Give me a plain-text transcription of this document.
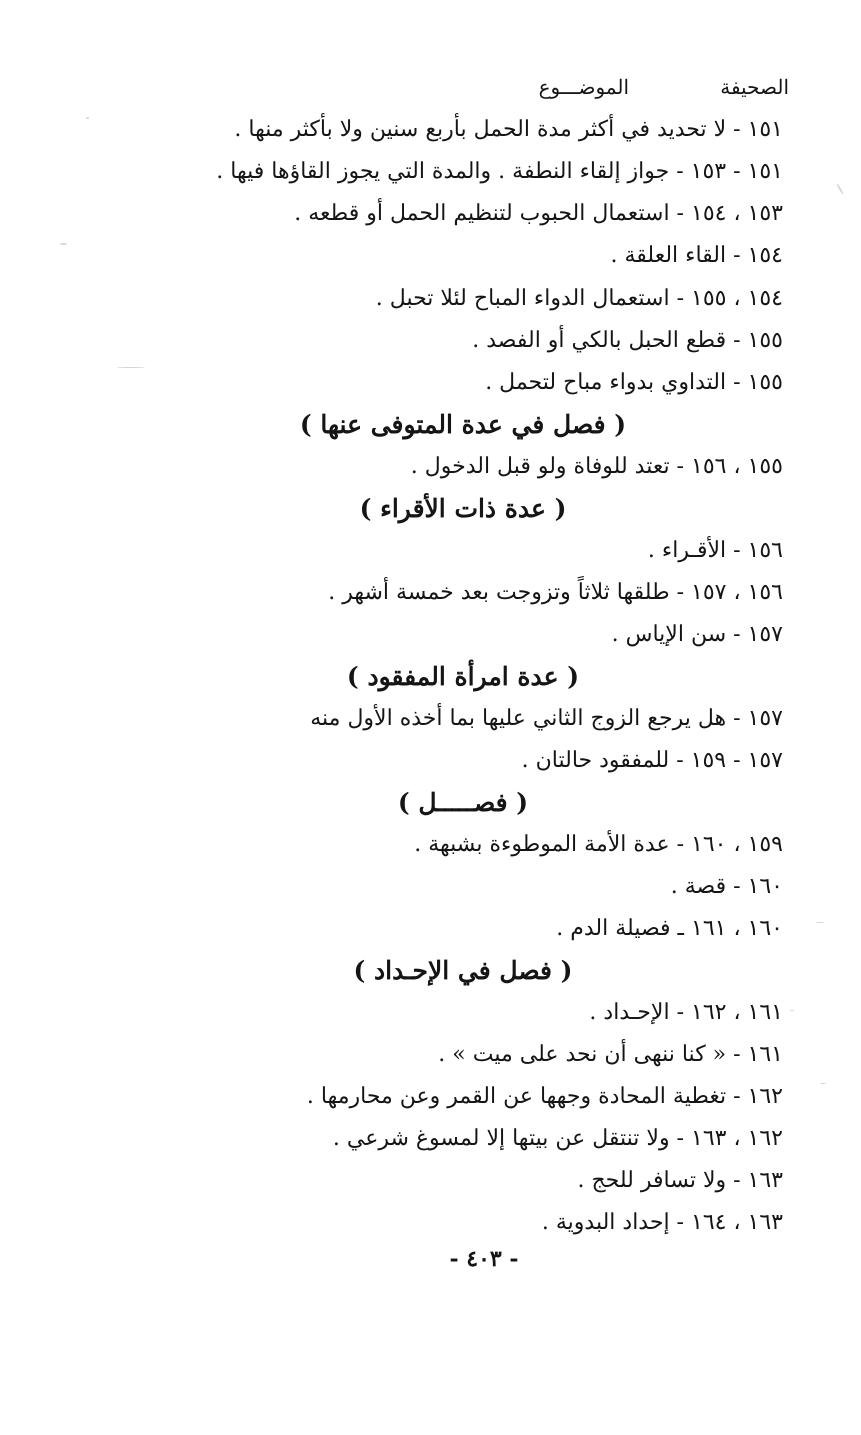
الصحيفة
الموضـــوع
١٥١ - لا تحديد في أكثر مدة الحمل بأربع سنين ولا بأكثر منها .
١٥١ - ١٥٣ - جواز إلقاء النطفة . والمدة التي يجوز القاؤها فيها .
١٥٣ ، ١٥٤ - استعمال الحبوب لتنظيم الحمل أو قطعه .
١٥٤ - القاء العلقة .
١٥٤ ، ١٥٥ - استعمال الدواء المباح لئلا تحبل .
١٥٥ - قطع الحبل بالكي أو الفصد .
١٥٥ - التداوي بدواء مباح لتحمل .
( فصل في عدة المتوفى عنها )
١٥٥ ، ١٥٦ - تعتد للوفاة ولو قبل الدخول .
( عدة ذات الأقراء )
١٥٦ - الأقـراء .
١٥٦ ، ١٥٧ - طلقها ثلاثاً وتزوجت بعد خمسة أشهر .
١٥٧ - سن الإياس .
( عدة امرأة المفقود )
١٥٧ - هل يرجع الزوج الثاني عليها بما أخذه الأول منه
١٥٧ - ١٥٩ - للمفقود حالتان .
( فصـــــل )
١٥٩ ، ١٦٠ - عدة الأمة الموطوءة بشبهة .
١٦٠ - قصة .
١٦٠ ، ١٦١ ـ فصيلة الدم .
( فصل في الإحـداد )
١٦١ ، ١٦٢ - الإحـداد .
١٦١ - « كنا ننهى أن نحد على ميت » .
١٦٢ - تغطية المحادة وجهها عن القمر وعن محارمها .
١٦٢ ، ١٦٣ - ولا تنتقل عن بيتها إلا لمسوغ شرعي .
١٦٣ - ولا تسافر للحج .
١٦٣ ، ١٦٤ - إحداد البدوية .
- ٤٠٣ -
